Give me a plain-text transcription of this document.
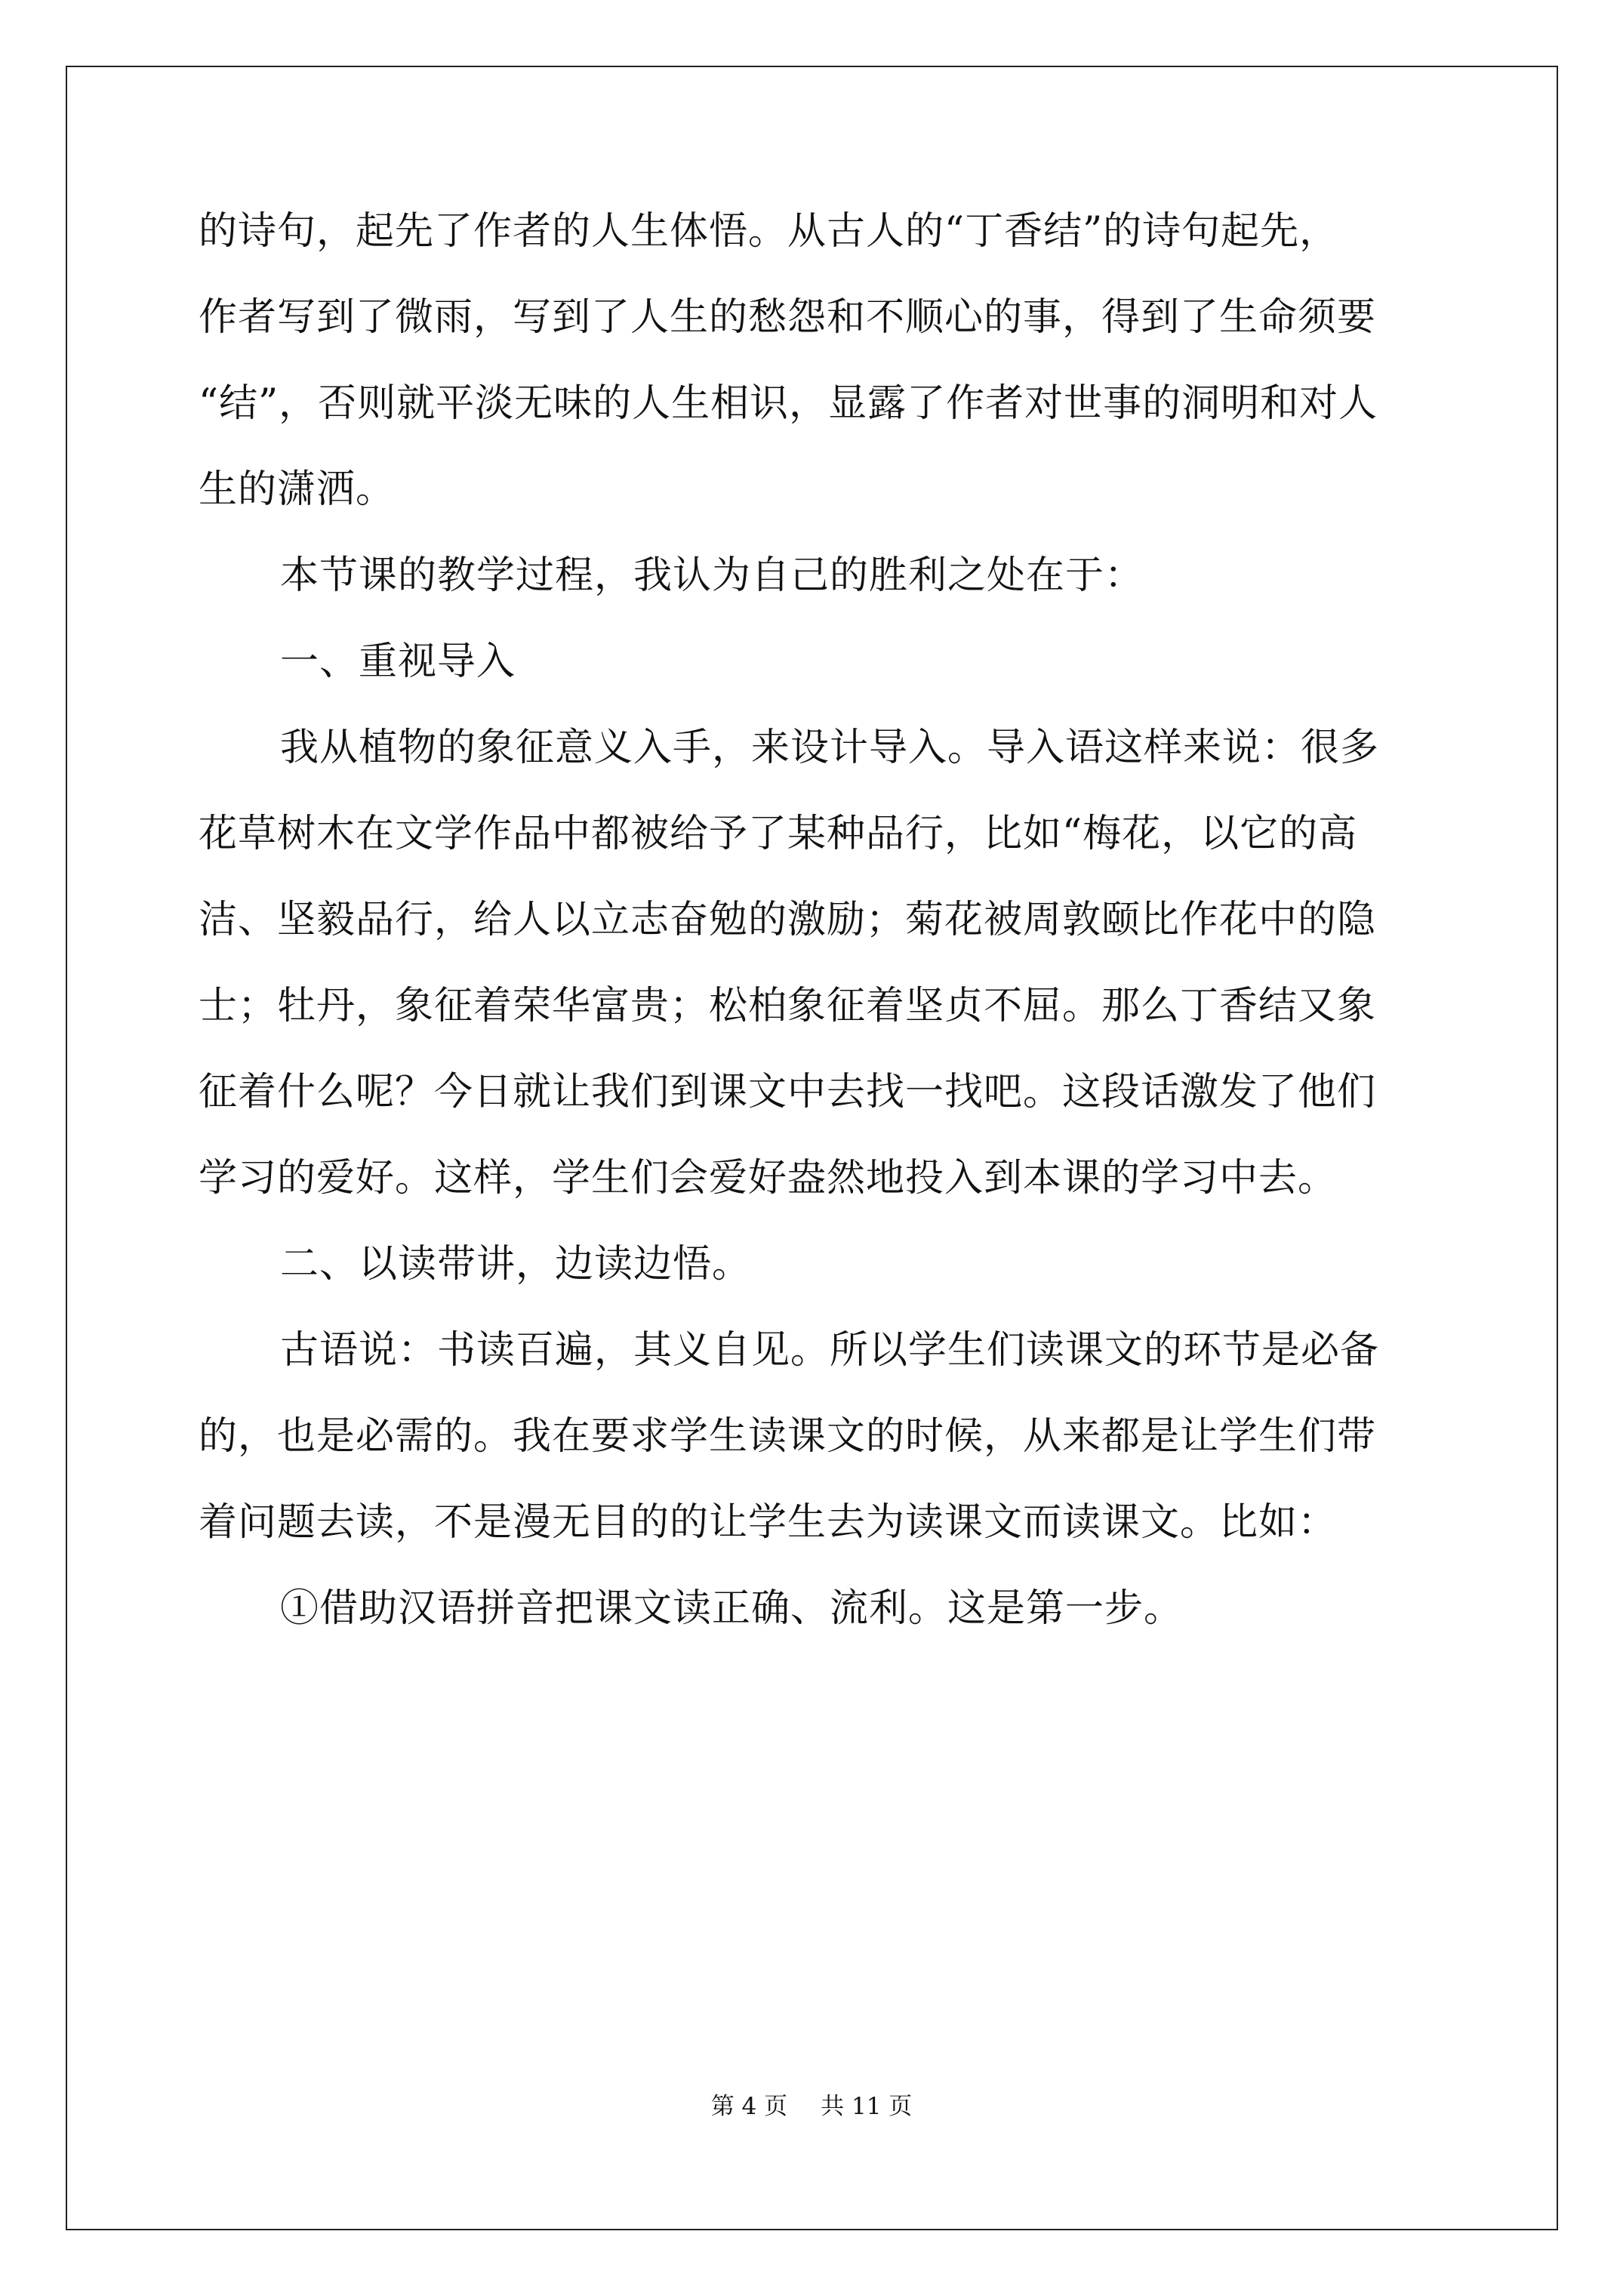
的诗句，起先了作者的人生体悟。从古人的“丁香结”的诗句起先，
作者写到了微雨，写到了人生的愁怨和不顺心的事，得到了生命须要
“结”，否则就平淡无味的人生相识，显露了作者对世事的洞明和对人
生的潇洒。
本节课的教学过程，我认为自己的胜利之处在于：
一、重视导入
我从植物的象征意义入手，来设计导入。导入语这样来说：很多
花草树木在文学作品中都被给予了某种品行，比如“梅花，以它的高
洁、坚毅品行，给人以立志奋勉的激励；菊花被周敦颐比作花中的隐
士；牡丹，象征着荣华富贵；松柏象征着坚贞不屈。那么丁香结又象
征着什么呢？今日就让我们到课文中去找一找吧。这段话激发了他们
学习的爱好。这样，学生们会爱好盎然地投入到本课的学习中去。
二、以读带讲，边读边悟。
古语说：书读百遍，其义自见。所以学生们读课文的环节是必备
的，也是必需的。我在要求学生读课文的时候，从来都是让学生们带
着问题去读，不是漫无目的的让学生去为读课文而读课文。比如：
①借助汉语拼音把课文读正确、流利。这是第一步。
第 4 页 共 11 页
